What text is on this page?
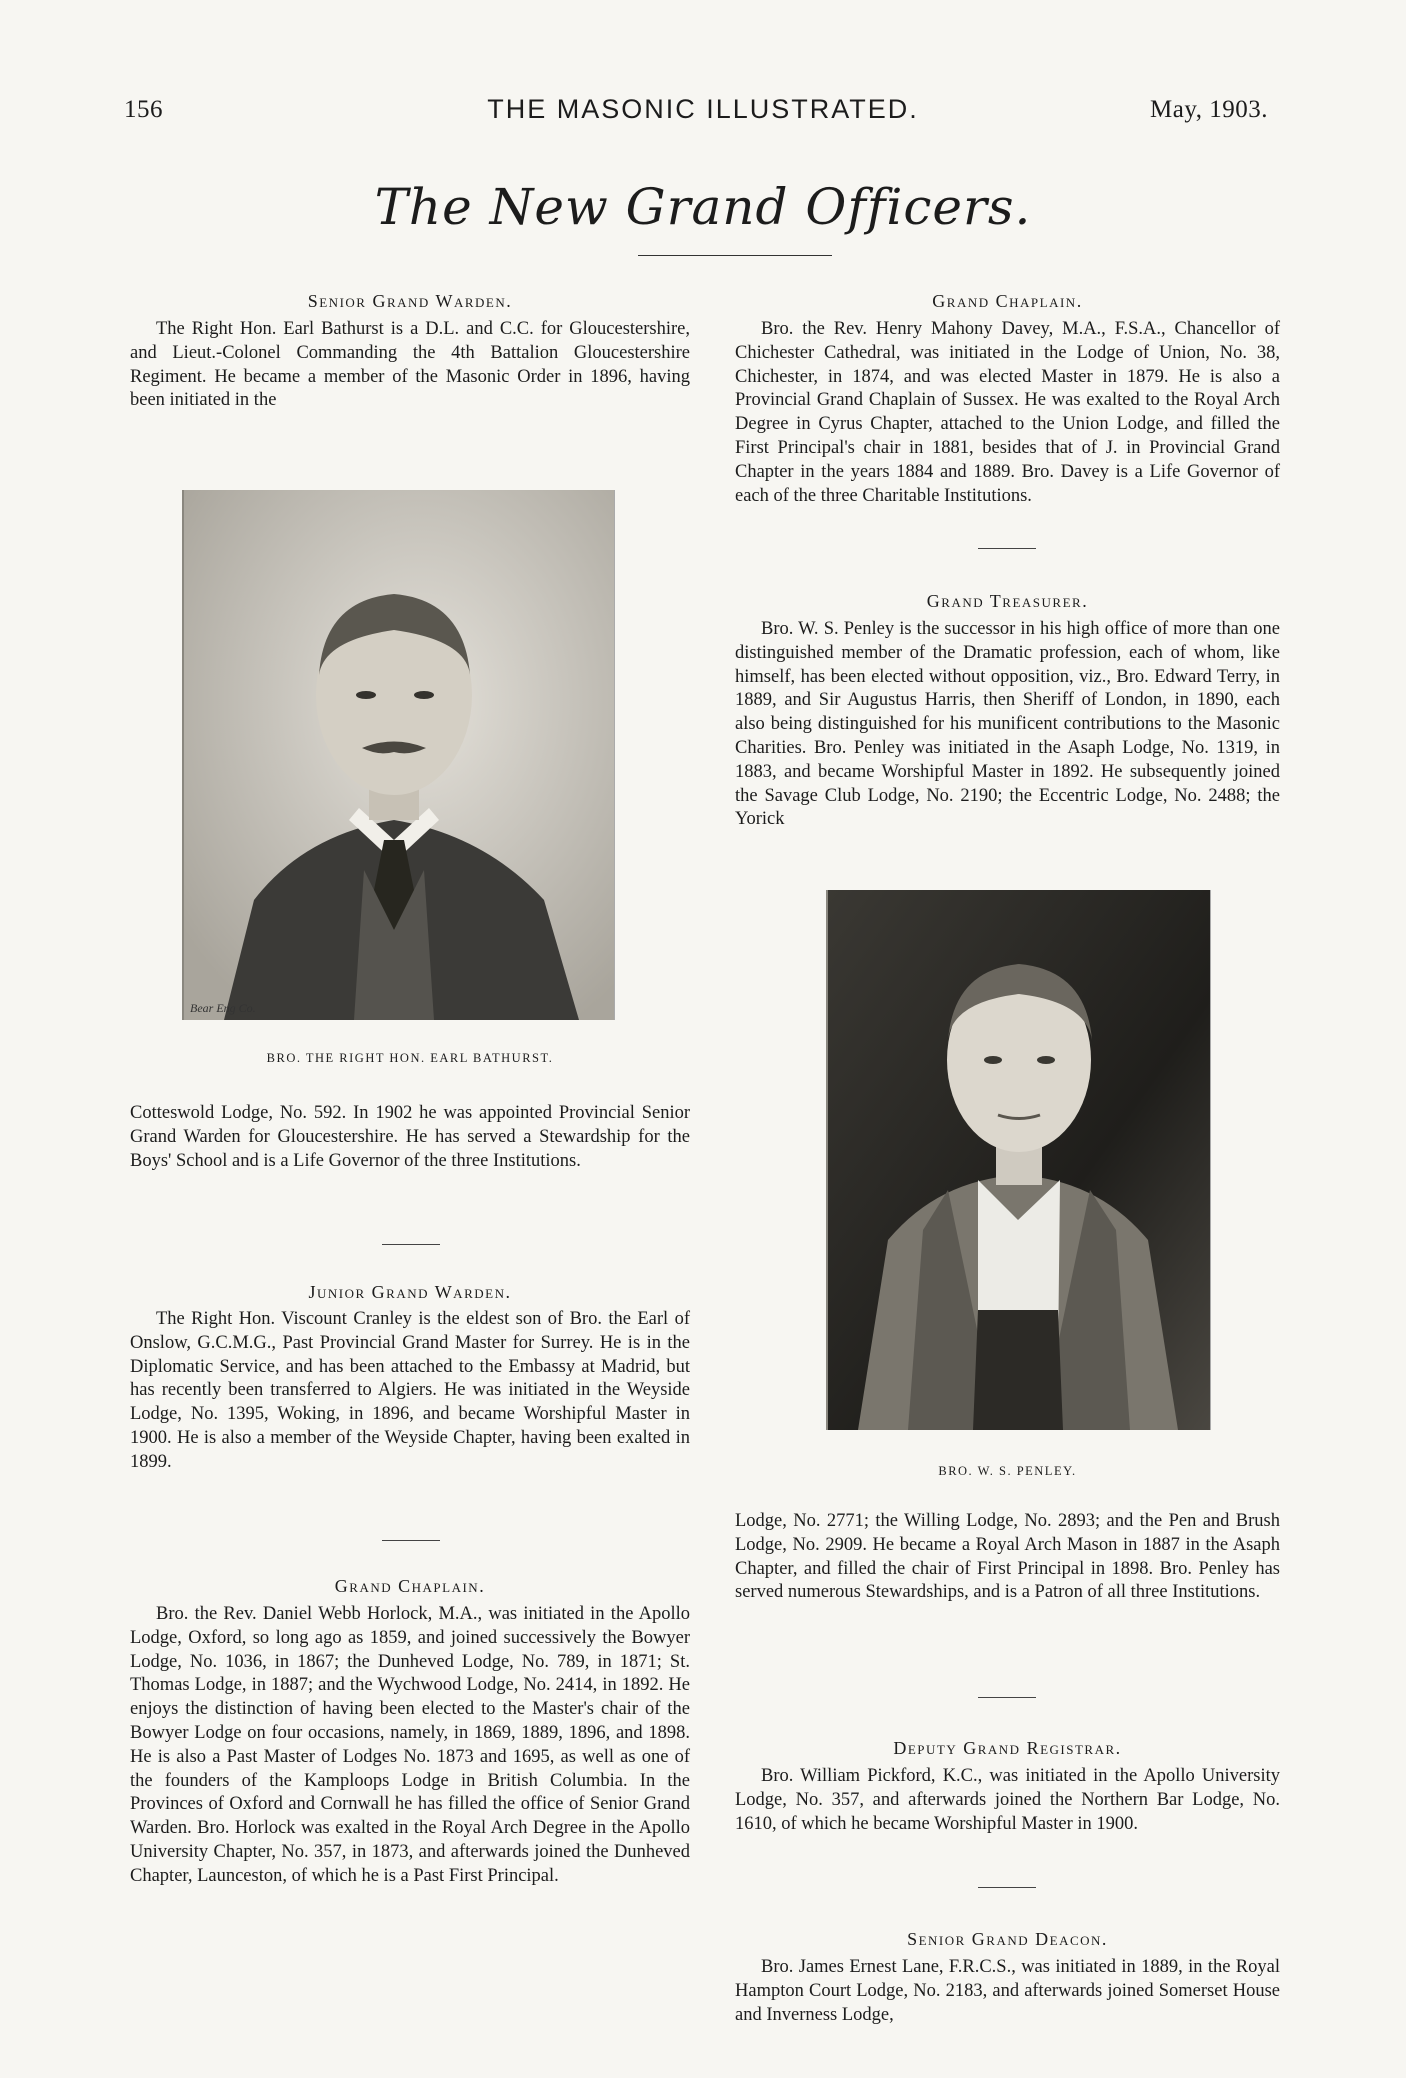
156	THE MASONIC ILLUSTRATED.	May, 1903.
The New Grand Officers.
Senior Grand Warden.
The Right Hon. Earl Bathurst is a D.L. and C.C. for Gloucestershire, and Lieut.-Colonel Commanding the 4th Battalion Gloucestershire Regiment. He became a member of the Masonic Order in 1896, having been initiated in the
Bear Eng Co.
BRO. THE RIGHT HON. EARL BATHURST.
Cotteswold Lodge, No. 592. In 1902 he was appointed Provincial Senior Grand Warden for Gloucestershire. He has served a Stewardship for the Boys' School and is a Life Governor of the three Institutions.
Junior Grand Warden.
The Right Hon. Viscount Cranley is the eldest son of Bro. the Earl of Onslow, G.C.M.G., Past Provincial Grand Master for Surrey. He is in the Diplomatic Service, and has been attached to the Embassy at Madrid, but has recently been transferred to Algiers. He was initiated in the Weyside Lodge, No. 1395, Woking, in 1896, and became Worshipful Master in 1900. He is also a member of the Weyside Chapter, having been exalted in 1899.
Grand Chaplain.
Bro. the Rev. Daniel Webb Horlock, M.A., was initiated in the Apollo Lodge, Oxford, so long ago as 1859, and joined successively the Bowyer Lodge, No. 1036, in 1867; the Dunheved Lodge, No. 789, in 1871; St. Thomas Lodge, in 1887; and the Wychwood Lodge, No. 2414, in 1892. He enjoys the distinction of having been elected to the Master's chair of the Bowyer Lodge on four occasions, namely, in 1869, 1889, 1896, and 1898. He is also a Past Master of Lodges No. 1873 and 1695, as well as one of the founders of the Kamploops Lodge in British Columbia. In the Provinces of Oxford and Cornwall he has filled the office of Senior Grand Warden. Bro. Horlock was exalted in the Royal Arch Degree in the Apollo University Chapter, No. 357, in 1873, and afterwards joined the Dunheved Chapter, Launceston, of which he is a Past First Principal.
Grand Chaplain.
Bro. the Rev. Henry Mahony Davey, M.A., F.S.A., Chancellor of Chichester Cathedral, was initiated in the Lodge of Union, No. 38, Chichester, in 1874, and was elected Master in 1879. He is also a Provincial Grand Chaplain of Sussex. He was exalted to the Royal Arch Degree in Cyrus Chapter, attached to the Union Lodge, and filled the First Principal's chair in 1881, besides that of J. in Provincial Grand Chapter in the years 1884 and 1889. Bro. Davey is a Life Governor of each of the three Charitable Institutions.
Grand Treasurer.
Bro. W. S. Penley is the successor in his high office of more than one distinguished member of the Dramatic profession, each of whom, like himself, has been elected without opposition, viz., Bro. Edward Terry, in 1889, and Sir Augustus Harris, then Sheriff of London, in 1890, each also being distinguished for his munificent contributions to the Masonic Charities. Bro. Penley was initiated in the Asaph Lodge, No. 1319, in 1883, and became Worshipful Master in 1892. He subsequently joined the Savage Club Lodge, No. 2190; the Eccentric Lodge, No. 2488; the Yorick
BRO. W. S. PENLEY.
Lodge, No. 2771; the Willing Lodge, No. 2893; and the Pen and Brush Lodge, No. 2909. He became a Royal Arch Mason in 1887 in the Asaph Chapter, and filled the chair of First Principal in 1898. Bro. Penley has served numerous Stewardships, and is a Patron of all three Institutions.
Deputy Grand Registrar.
Bro. William Pickford, K.C., was initiated in the Apollo University Lodge, No. 357, and afterwards joined the Northern Bar Lodge, No. 1610, of which he became Worshipful Master in 1900.
Senior Grand Deacon.
Bro. James Ernest Lane, F.R.C.S., was initiated in 1889, in the Royal Hampton Court Lodge, No. 2183, and afterwards joined Somerset House and Inverness Lodge,
